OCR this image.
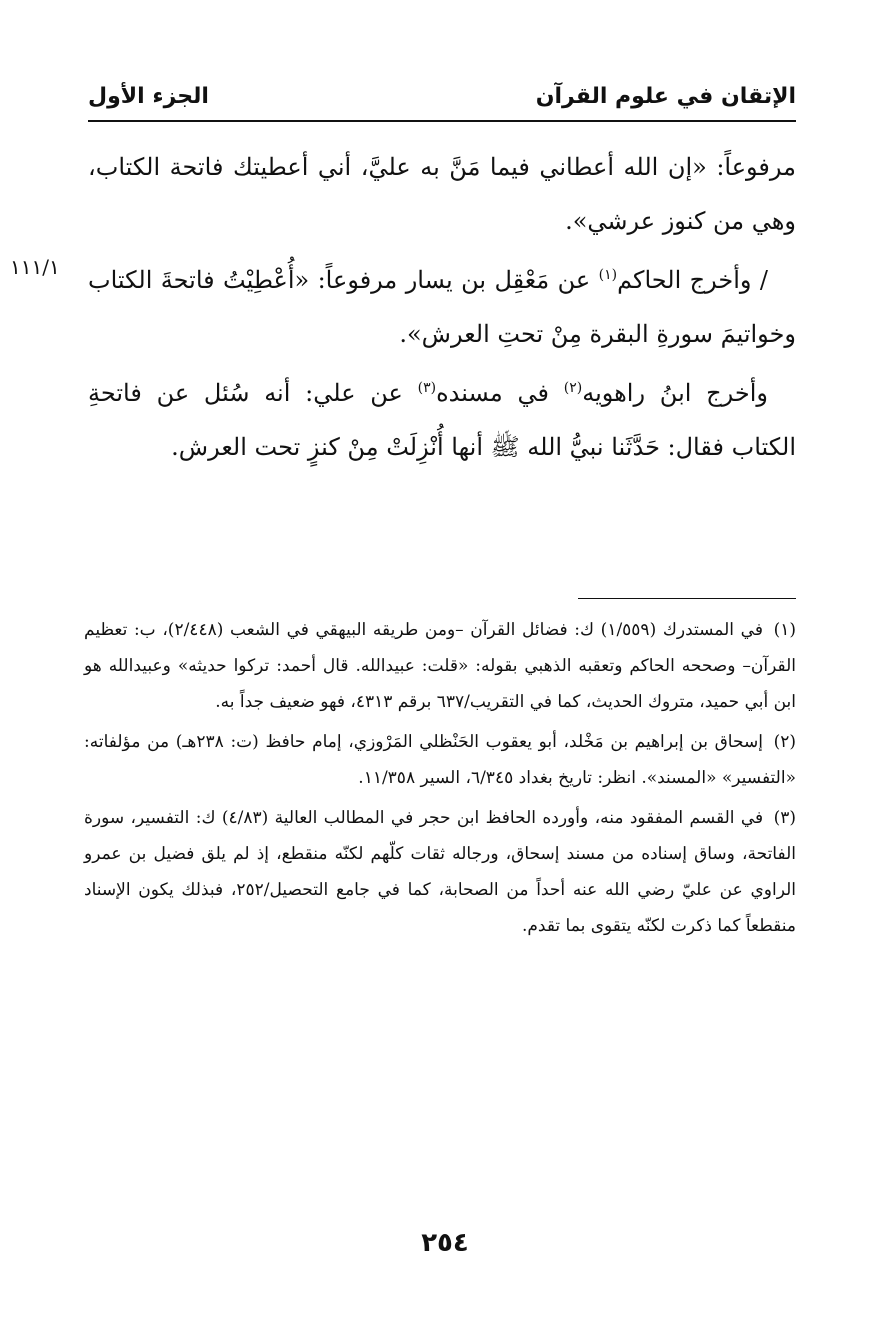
الإتقان في علوم القرآن
الجزء الأول
١١١/١

مرفوعاً: «إن الله أعطاني فيما مَنَّ به عليَّ، أني أعطيتك فاتحة الكتاب، وهي من كنوز عرشي».

/ وأخرج الحاكم$^{(١)}$ عن مَعْقِل بن يسار مرفوعاً: «أُعْطِيْتُ فاتحةَ الكتاب وخواتيمَ سورةِ البقرة مِنْ تحتِ العرش».

وأخرج ابنُ راهويه$^{(٢)}$ في مسنده$^{(٣)}$ عن علي: أنه سُئل عن فاتحةِ الكتاب فقال: حَدَّثَنا نبيُّ الله ﷺ أنها أُنْزِلَتْ مِنْ كنزٍ تحت العرش.

(١) في المستدرك (١/٥٥٩) ك: فضائل القرآن –ومن طريقه البيهقي في الشعب (٢/٤٤٨)، ب: تعظيم القرآن– وصححه الحاكم وتعقبه الذهبي بقوله: «قلت: عبيدالله. قال أحمد: تركوا حديثه» وعبيدالله هو ابن أبي حميد، متروك الحديث، كما في التقريب/٦٣٧ برقم ٤٣١٣، فهو ضعيف جداً به.

(٢) إسحاق بن إبراهيم بن مَخْلد، أبو يعقوب الحَنْظلي المَرْوزي، إمام حافظ (ت: ٢٣٨هـ) من مؤلفاته: «التفسير» «المسند». انظر: تاريخ بغداد ٦/٣٤٥، السير ١١/٣٥٨.

(٣) في القسم المفقود منه، وأورده الحافظ ابن حجر في المطالب العالية (٤/٨٣) ك: التفسير، سورة الفاتحة، وساق إسناده من مسند إسحاق، ورجاله ثقات كلّهم لكنّه منقطع، إذ لم يلق فضيل بن عمرو الراوي عن عليّ رضي الله عنه أحداً من الصحابة، كما في جامع التحصيل/٢٥٢، فبذلك يكون الإسناد منقطعاً كما ذكرت لكنّه يتقوى بما تقدم.

٢٥٤
